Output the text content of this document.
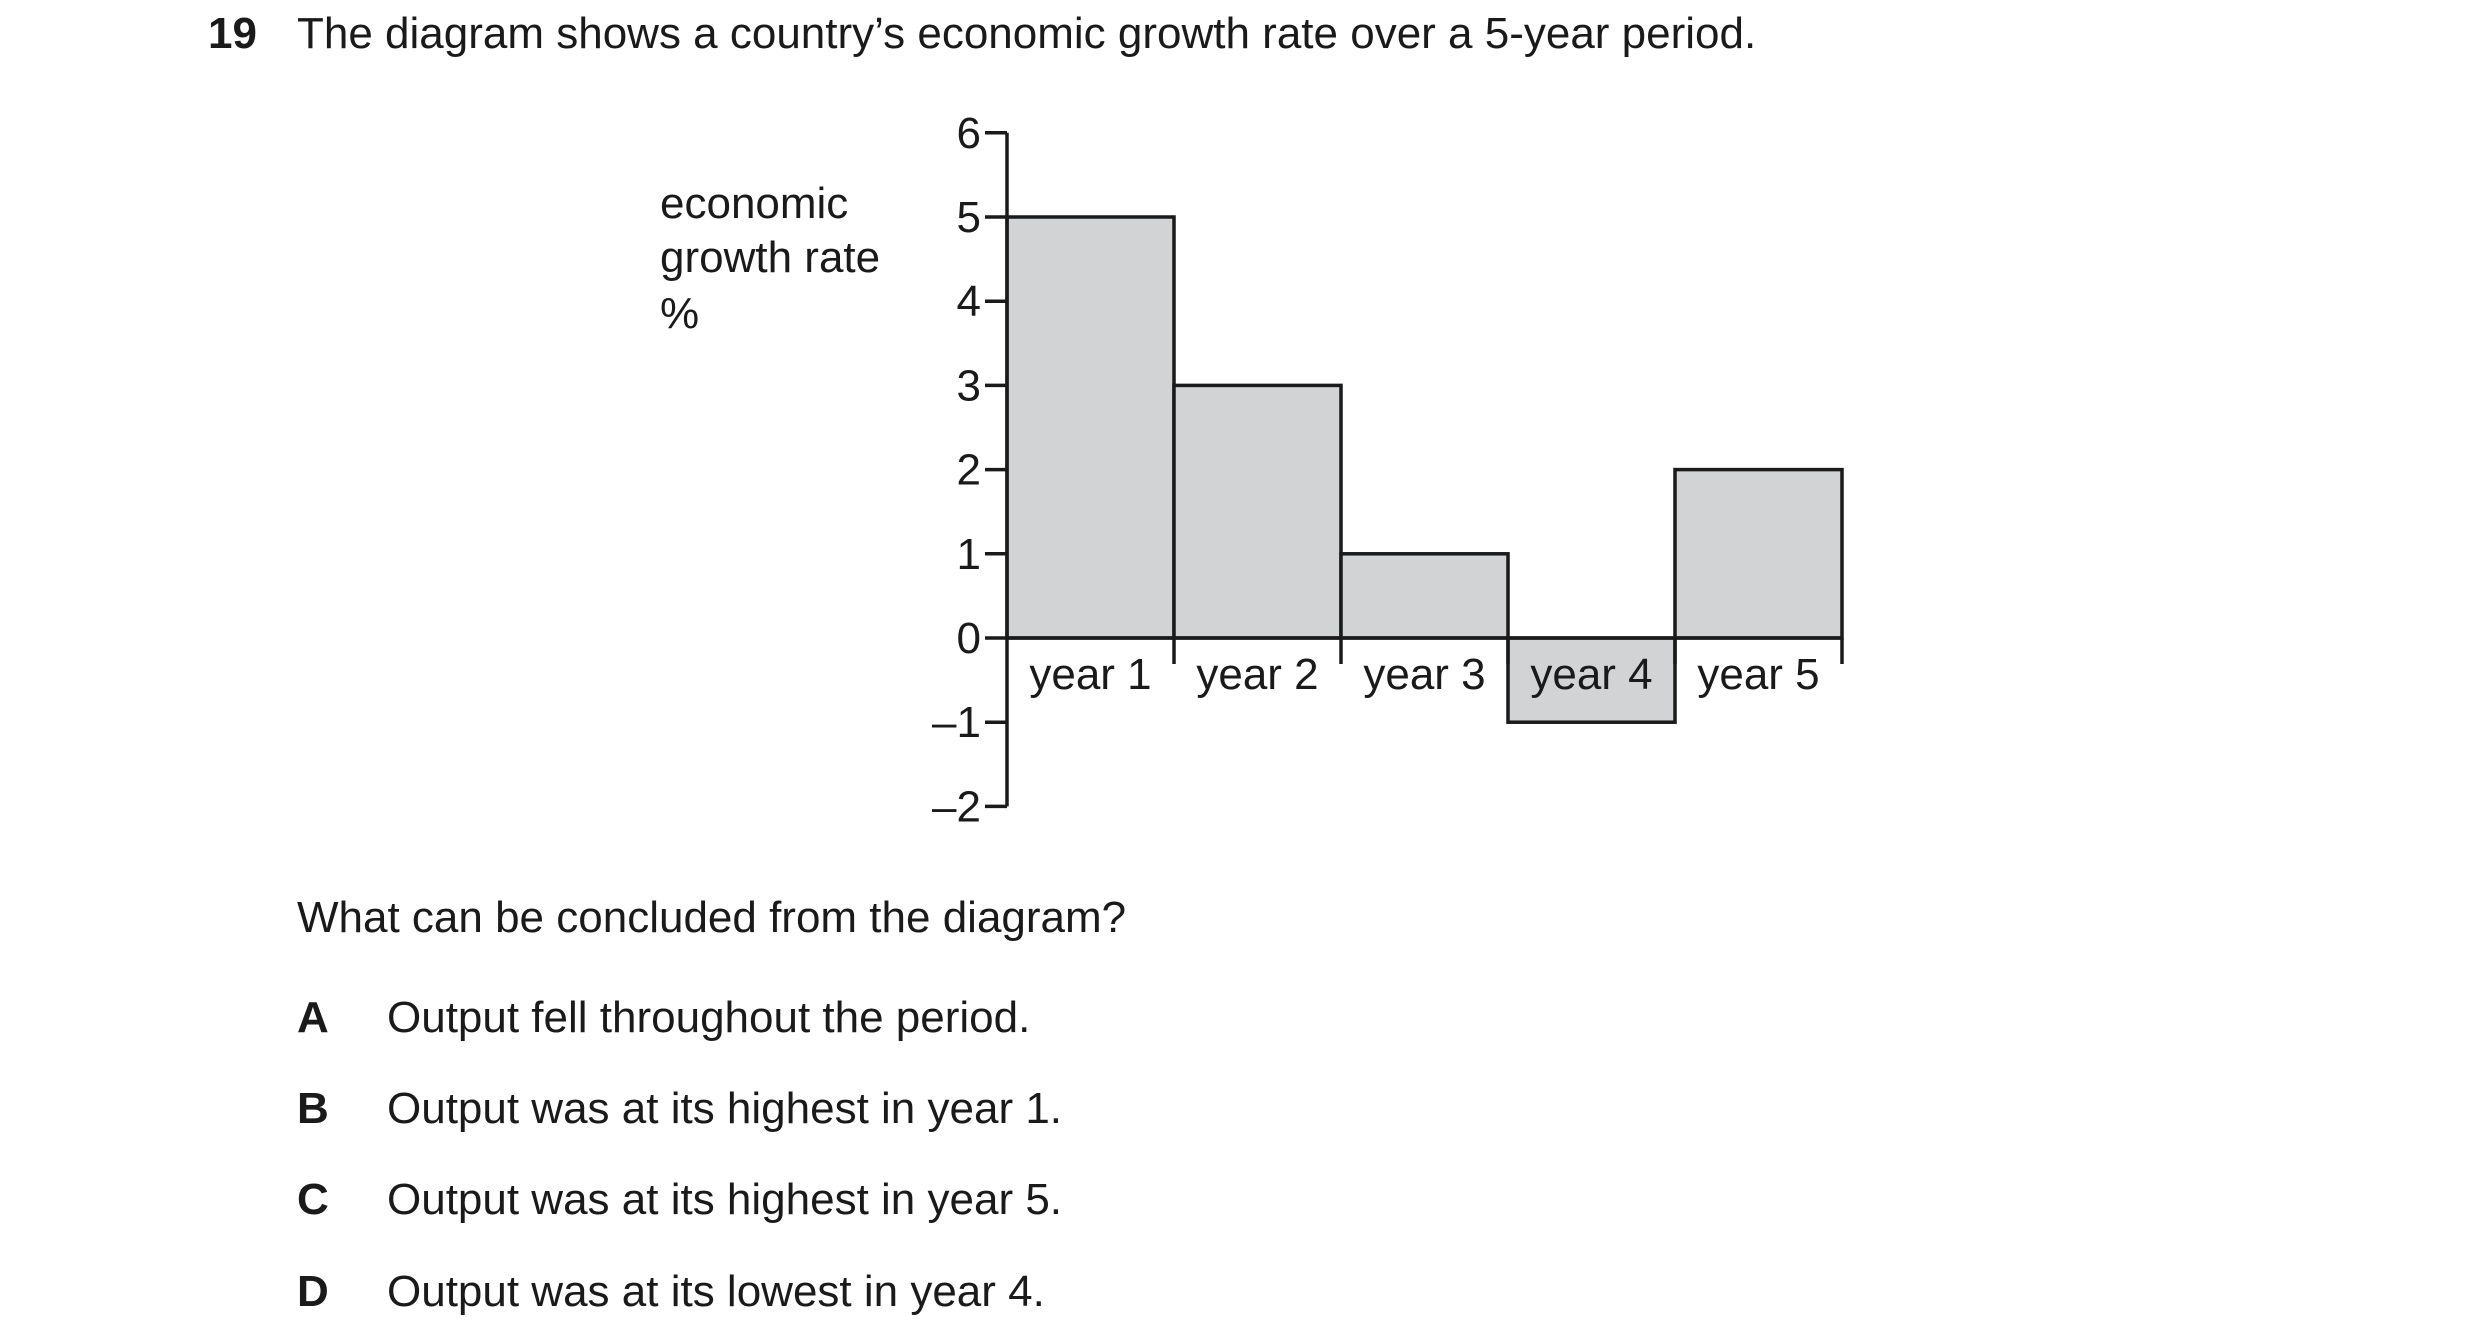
19 The diagram shows a country’s economic growth rate over a 5-year period.
economic
growth rate
%
6
5
4
3
2
1
0
–1
–2
year 1 year 2 year 3 year 4 year 5
What can be concluded from the diagram?
A Output fell throughout the period.
B Output was at its highest in year 1.
C Output was at its highest in year 5.
D Output was at its lowest in year 4.
